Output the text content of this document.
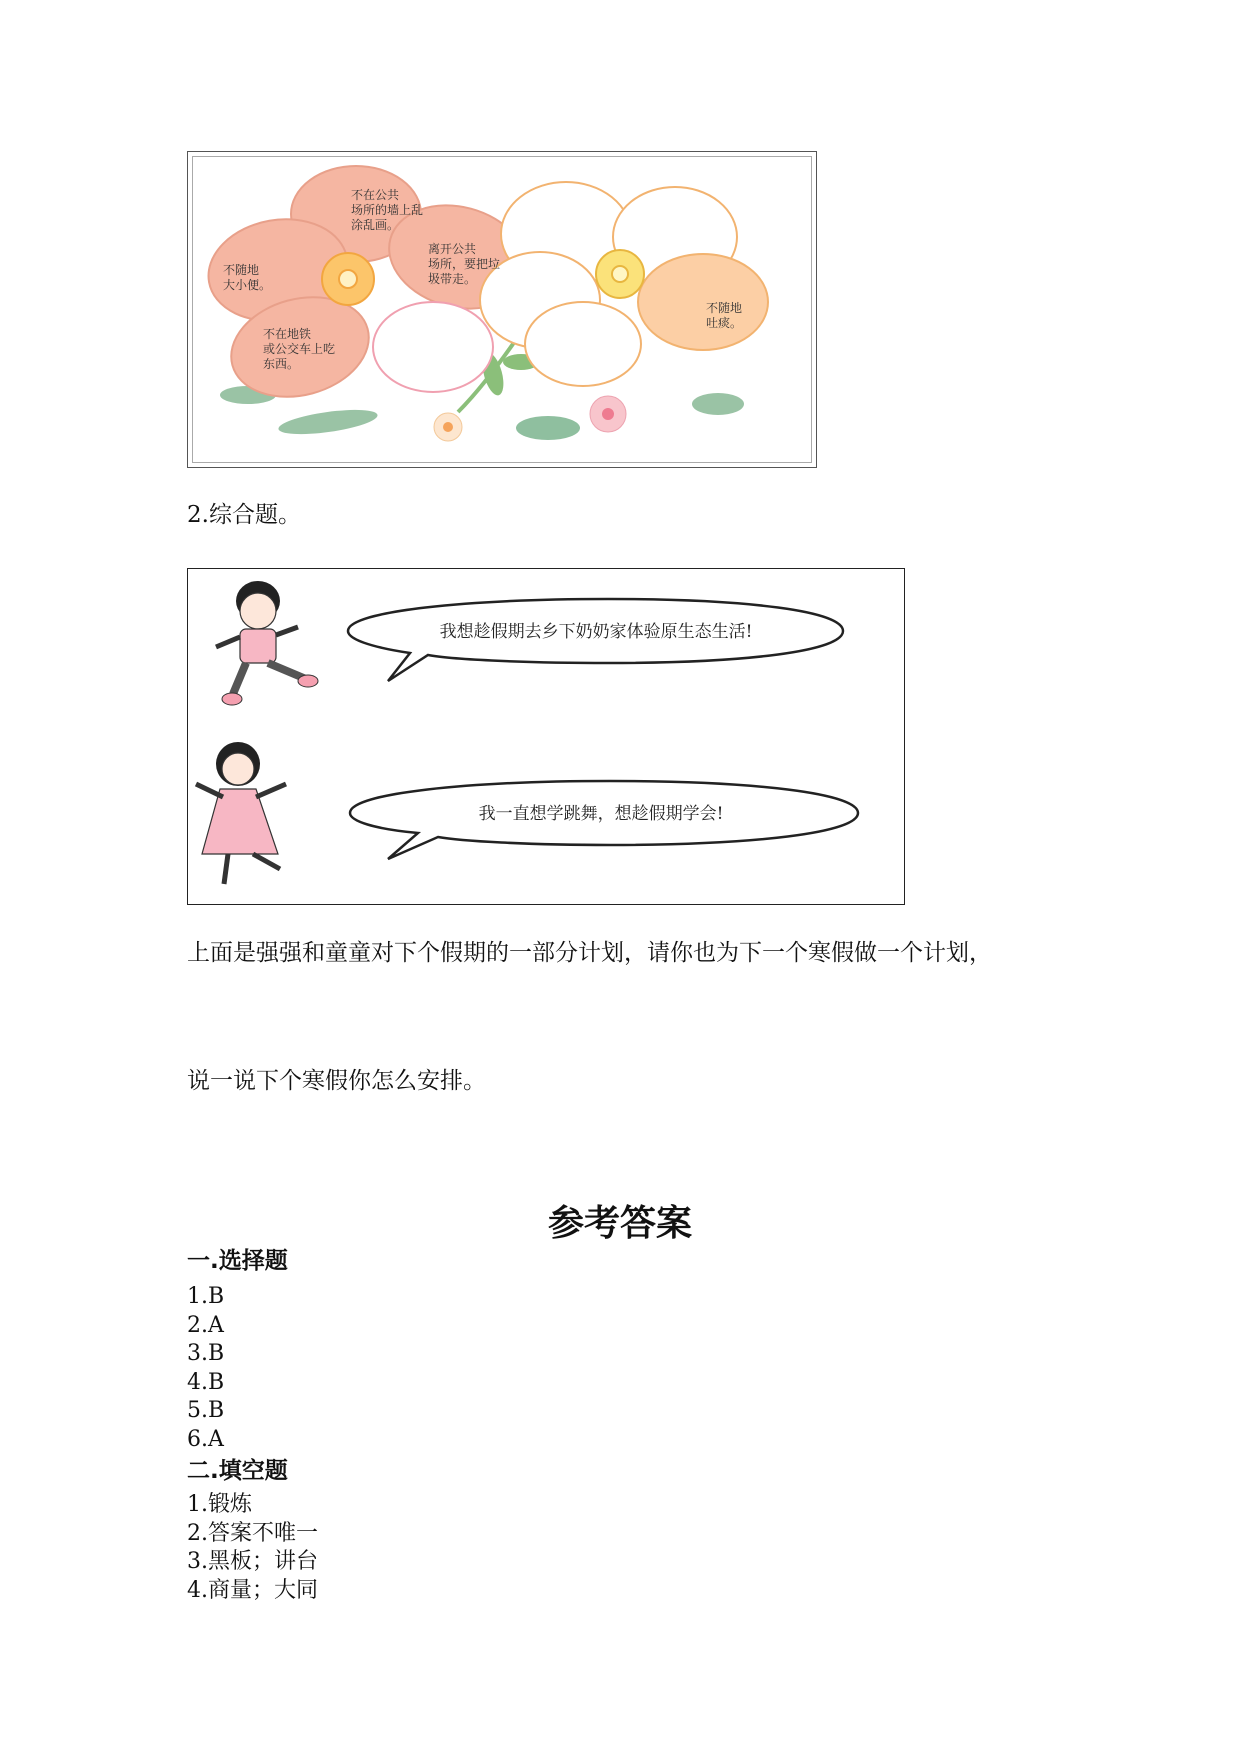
不在公共场所的墙上乱涂乱画。
离开公共场所，要把垃圾带走。
不随地大小便。
不在地铁或公交车上吃东西。
不随地吐痰。
2.综合题。
我想趁假期去乡下奶奶家体验原生态生活!
我一直想学跳舞，想趁假期学会!
上面是强强和童童对下个假期的一部分计划，请你也为下一个寒假做一个计划，
说一说下个寒假你怎么安排。
参考答案
一.选择题
1.B
2.A
3.B
4.B
5.B
6.A
二.填空题
1.锻炼
2.答案不唯一
3.黑板；讲台
4.商量；大同
